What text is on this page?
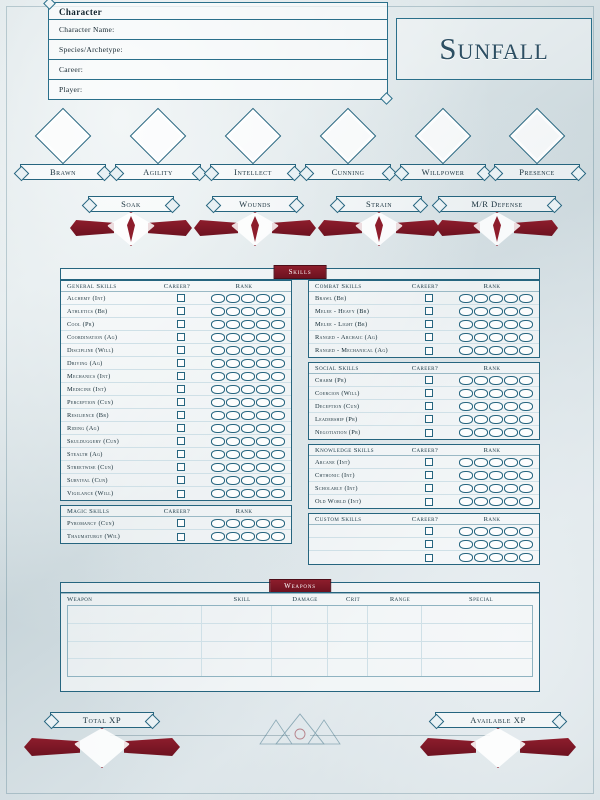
Character
Character Name:
Species/Archetype:
Career:
Player:
Sunfall
Brawn	Agility	Intellect	Cunning	Willpower	Presence
Soak	Wounds	Strain	M/R Defense
Skills
General Skills	Career?	Rank
Alchemy (Int)
Athletics (Br)
Cool (Pr)
Coordination (Ag)
Discipline (Will)
Driving (Ag)
Mechanics (Int)
Medicine (Int)
Perception (Cun)
Resilience (Br)
Riding (Ag)
Skulduggery (Cun)
Stealth (Ag)
Streetwise (Cun)
Survival (Cun)
Vigilance (Will)
Magic Skills	Career?	Rank
Pyromancy (Cun)
Thaumaturgy (Wil)
Combat Skills	Career?	Rank
Brawl (Br)
Melee - Heavy (Br)
Melee - Light (Br)
Ranged - Archaic (Ag)
Ranged - Mechanical (Ag)
Social Skills	Career?	Rank
Charm (Pr)
Coercion (Will)
Deception (Cun)
Leadership (Pr)
Negotiation (Pr)
Knowledge Skills	Career?	Rank
Arcane (Int)
Chthonic (Int)
Scholarly (Int)
Old World (Int)
Custom Skills	Career?	Rank
Weapons
Weapon	Skill	Damage	Crit	Range	Special
Total XP	Available XP
